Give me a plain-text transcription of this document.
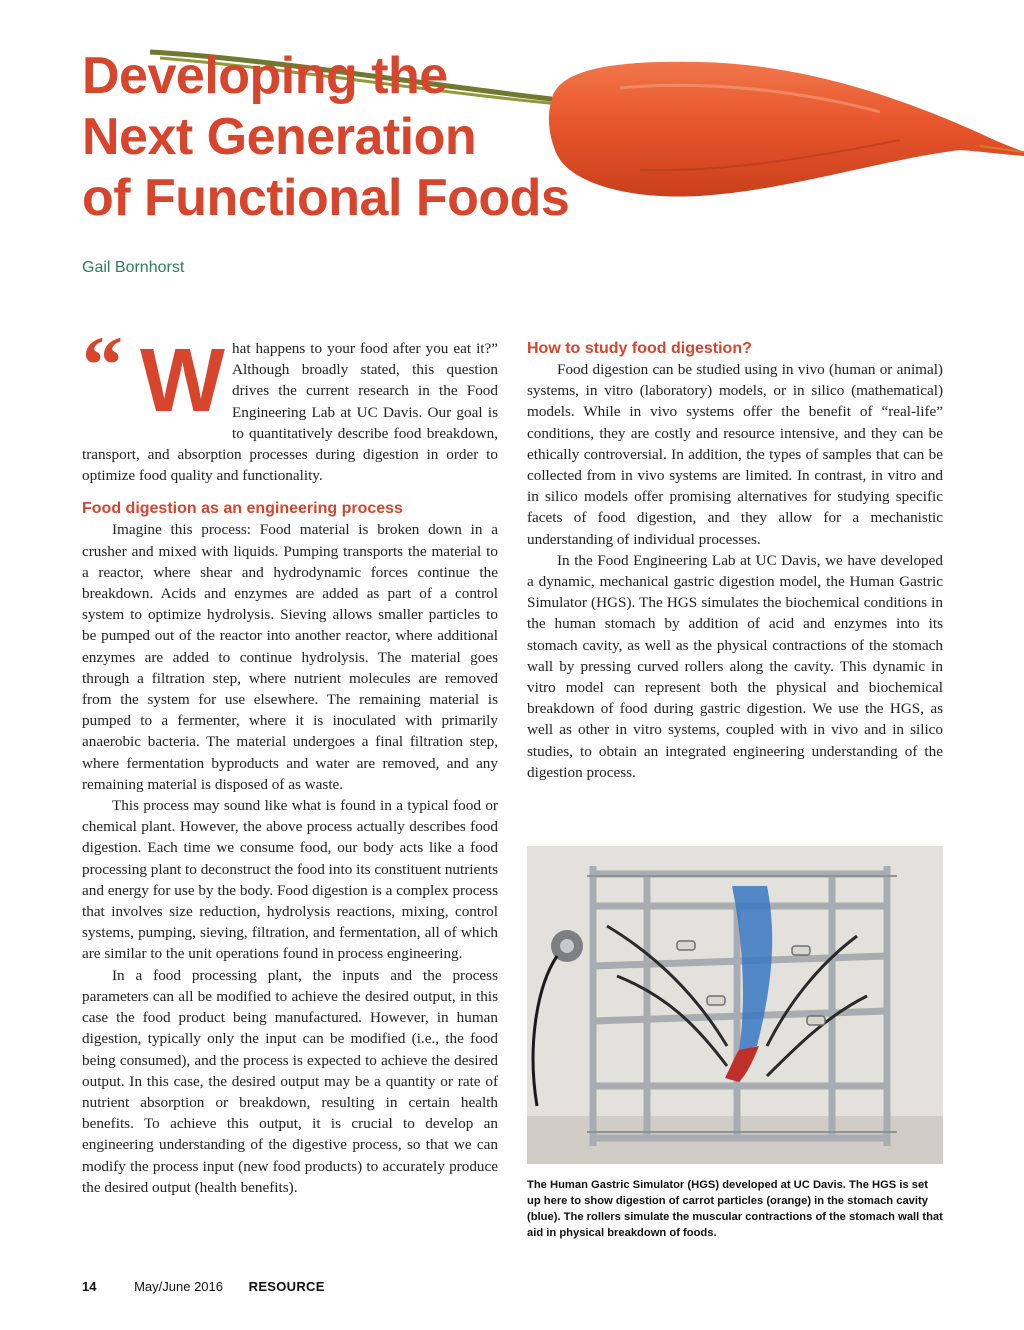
Developing the
Next Generation
of Functional Foods
Gail Bornhorst

“ W hat happens to your food after you eat it?” Although broadly stated, this question drives the current research in the Food Engineering Lab at UC Davis. Our goal is to quantitatively describe food breakdown, transport, and absorption processes during digestion in order to optimize food quality and functionality.

Food digestion as an engineering process

Imagine this process: Food material is broken down in a crusher and mixed with liquids. Pumping transports the material to a reactor, where shear and hydrodynamic forces continue the breakdown. Acids and enzymes are added as part of a control system to optimize hydrolysis. Sieving allows smaller particles to be pumped out of the reactor into another reactor, where additional enzymes are added to continue hydrolysis. The material goes through a filtration step, where nutrient molecules are removed from the system for use elsewhere. The remaining material is pumped to a fermenter, where it is inoculated with primarily anaerobic bacteria. The material undergoes a final filtration step, where fermentation byproducts and water are removed, and any remaining material is disposed of as waste.

This process may sound like what is found in a typical food or chemical plant. However, the above process actually describes food digestion. Each time we consume food, our body acts like a food processing plant to deconstruct the food into its constituent nutrients and energy for use by the body. Food digestion is a complex process that involves size reduction, hydrolysis reactions, mixing, control systems, pumping, sieving, filtration, and fermentation, all of which are similar to the unit operations found in process engineering.

In a food processing plant, the inputs and the process parameters can all be modified to achieve the desired output, in this case the food product being manufactured. However, in human digestion, typically only the input can be modified (i.e., the food being consumed), and the process is expected to achieve the desired output. In this case, the desired output may be a quantity or rate of nutrient absorption or breakdown, resulting in certain health benefits. To achieve this output, it is crucial to develop an engineering understanding of the digestive process, so that we can modify the process input (new food products) to accurately produce the desired output (health benefits).

How to study food digestion?

Food digestion can be studied using in vivo (human or animal) systems, in vitro (laboratory) models, or in silico (mathematical) models. While in vivo systems offer the benefit of “real-life” conditions, they are costly and resource intensive, and they can be ethically controversial. In addition, the types of samples that can be collected from in vivo systems are limited. In contrast, in vitro and in silico models offer promising alternatives for studying specific facets of food digestion, and they allow for a mechanistic understanding of individual processes.

In the Food Engineering Lab at UC Davis, we have developed a dynamic, mechanical gastric digestion model, the Human Gastric Simulator (HGS). The HGS simulates the biochemical conditions in the human stomach by addition of acid and enzymes into its stomach cavity, as well as the physical contractions of the stomach wall by pressing curved rollers along the cavity. This dynamic in vitro model can represent both the physical and biochemical breakdown of food during gastric digestion. We use the HGS, as well as other in vitro systems, coupled with in vivo and in silico studies, to obtain an integrated engineering understanding of the digestion process.

The Human Gastric Simulator (HGS) developed at UC Davis. The HGS is set up here to show digestion of carrot particles (orange) in the stomach cavity (blue). The rollers simulate the muscular contractions of the stomach wall that aid in physical breakdown of foods.
14	May/June 2016 RESOURCE
